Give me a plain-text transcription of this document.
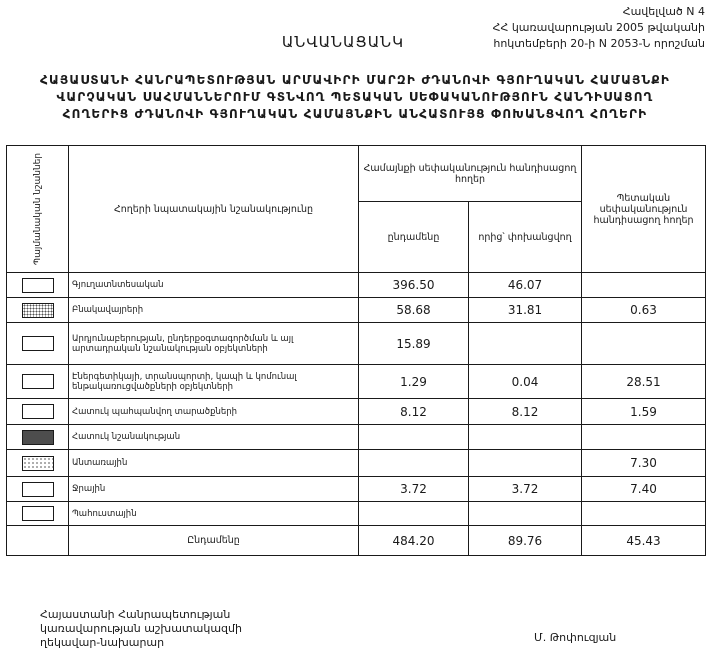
Հավելված N 4
ՀՀ կառավարության 2005 թվականի
հոկտեմբերի 20-ի N 2053-Ն որոշման
ԱՆՎԱՆԱՑԱՆԿ
ՀԱՅԱՍՏԱՆԻ ՀԱՆՐԱՊԵՏՈՒԹՅԱՆ ԱՐՄԱՎԻՐԻ ՄԱՐԶԻ ԺԴԱՆՈՎԻ ԳՅՈՒՂԱԿԱՆ ՀԱՄԱՅՆՔԻ
ՎԱՐՉԱԿԱՆ ՍԱՀՄԱՆՆԵՐՈՒՄ ԳՏՆՎՈՂ ՊԵՏԱԿԱՆ ՍԵՓԱԿԱՆՈՒԹՅՈՒՆ ՀԱՆԴԻՍԱՑՈՂ
ՀՈՂԵՐԻՑ ԺԴԱՆՈՎԻ ԳՅՈՒՂԱԿԱՆ ՀԱՄԱՅՆՔԻՆ ԱՆՀԱՏՈՒՅՑ ՓՈԽԱՆՑՎՈՂ ՀՈՂԵՐԻ
Պայմանական նշաններ	Հողերի նպատակային նշանակությունը	Համայնքի սեփականություն հանդիսացող հողեր		Պետական սեփականություն հանդիսացող հողեր
		ընդամենը	որից՝ փոխանցվող	
	Գյուղատնտեսական	396.50	46.07	
	Բնակավայրերի	58.68	31.81	0.63
	Արդյունաբերության, ընդերքօգտագործման և այլ արտադրական նշանակության օբյեկտների	15.89		
	Էներգետիկայի, տրանսպորտի, կապի և կոմունալ ենթակառուցվածքների օբյեկտների	1.29	0.04	28.51
	Հատուկ պահպանվող տարածքների	8.12	8.12	1.59
	Հատուկ նշանակության			
	Անտառային			7.30
	Ջրային	3.72	3.72	7.40
	Պահուստային			
	Ընդամենը	484.20	89.76	45.43
Հայաստանի Հանրապետության
կառավարության աշխատակազմի
ղեկավար-նախարար	Մ. Թոփուզյան
